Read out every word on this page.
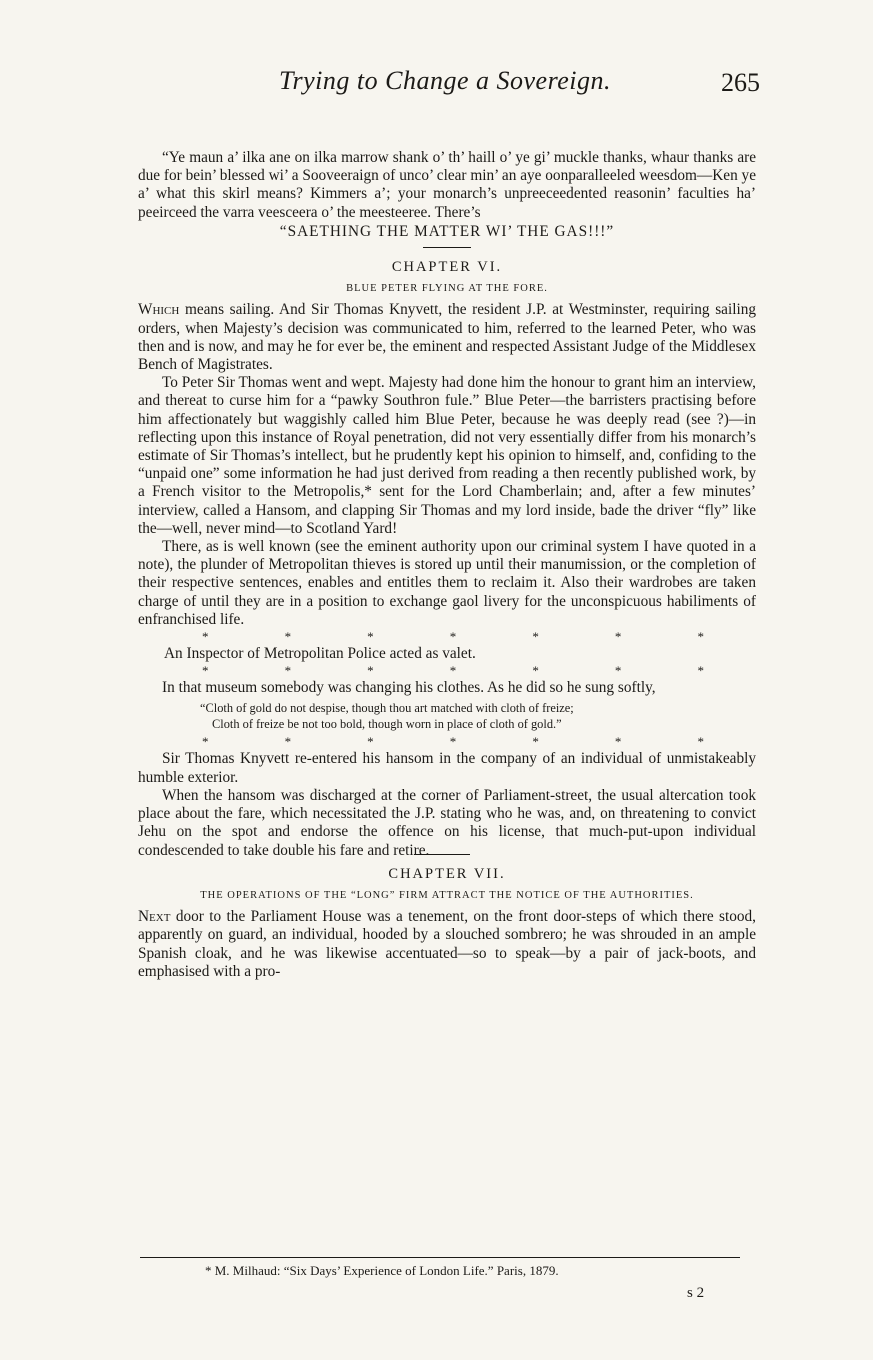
Trying to Change a Sovereign.	265

“Ye maun a’ ilka ane on ilka marrow shank o’ th’ haill o’ ye gi’ muckle thanks, whaur thanks are due for bein’ blessed wi’ a Sooveeraign of unco’ clear min’ an aye oonparalleeled weesdom—Ken ye a’ what this skirl means? Kimmers a’; your monarch’s unpreeceedented reasonin’ faculties ha’ peeirceed the varra veesceera o’ the meesteeree. There’s

“SAETHING THE MATTER WI’ THE GAS!!!”
CHAPTER VI.
BLUE PETER FLYING AT THE FORE.

Which means sailing. And Sir Thomas Knyvett, the resident J.P. at Westminster, requiring sailing orders, when Majesty’s decision was communicated to him, referred to the learned Peter, who was then and is now, and may he for ever be, the eminent and respected Assistant Judge of the Middlesex Bench of Magistrates.

To Peter Sir Thomas went and wept. Majesty had done him the honour to grant him an interview, and thereat to curse him for a “pawky Southron fule.” Blue Peter—the barristers practising before him affectionately but waggishly called him Blue Peter, because he was deeply read (see ?)—in reflecting upon this instance of Royal penetration, did not very essentially differ from his monarch’s estimate of Sir Thomas’s intellect, but he prudently kept his opinion to himself, and, confiding to the “unpaid one” some information he had just derived from reading a then recently published work, by a French visitor to the Metropolis,* sent for the Lord Chamberlain; and, after a few minutes’ interview, called a Hansom, and clapping Sir Thomas and my lord inside, bade the driver “fly” like the—well, never mind—to Scotland Yard!

There, as is well known (see the eminent authority upon our criminal system I have quoted in a note), the plunder of Metropolitan thieves is stored up until their manumission, or the completion of their respective sentences, enables and entitles them to reclaim it. Also their wardrobes are taken charge of until they are in a position to exchange gaol livery for the unconspicuous habiliments of enfranchised life.

*	*	*	*	*	*	*
An Inspector of Metropolitan Police acted as valet.
*	*	*	*	*	*	*

In that museum somebody was changing his clothes. As he did so he sung softly,

“Cloth of gold do not despise, though thou art matched with cloth of freize;
Cloth of freize be not too bold, though worn in place of cloth of gold.”
*	*	*	*	*	*	*

Sir Thomas Knyvett re-entered his hansom in the company of an individual of unmistakeably humble exterior.

When the hansom was discharged at the corner of Parliament-street, the usual altercation took place about the fare, which necessitated the J.P. stating who he was, and, on threatening to convict Jehu on the spot and endorse the offence on his license, that much-put-upon individual condescended to take double his fare and retire.

CHAPTER VII.
THE OPERATIONS OF THE “LONG” FIRM ATTRACT THE NOTICE OF THE AUTHORITIES.

Next door to the Parliament House was a tenement, on the front door-steps of which there stood, apparently on guard, an individual, hooded by a slouched sombrero; he was shrouded in an ample Spanish cloak, and he was likewise accentuated—so to speak—by a pair of jack-boots, and emphasised with a pro-

* M. Milhaud: “Six Days’ Experience of London Life.” Paris, 1879.
s 2
